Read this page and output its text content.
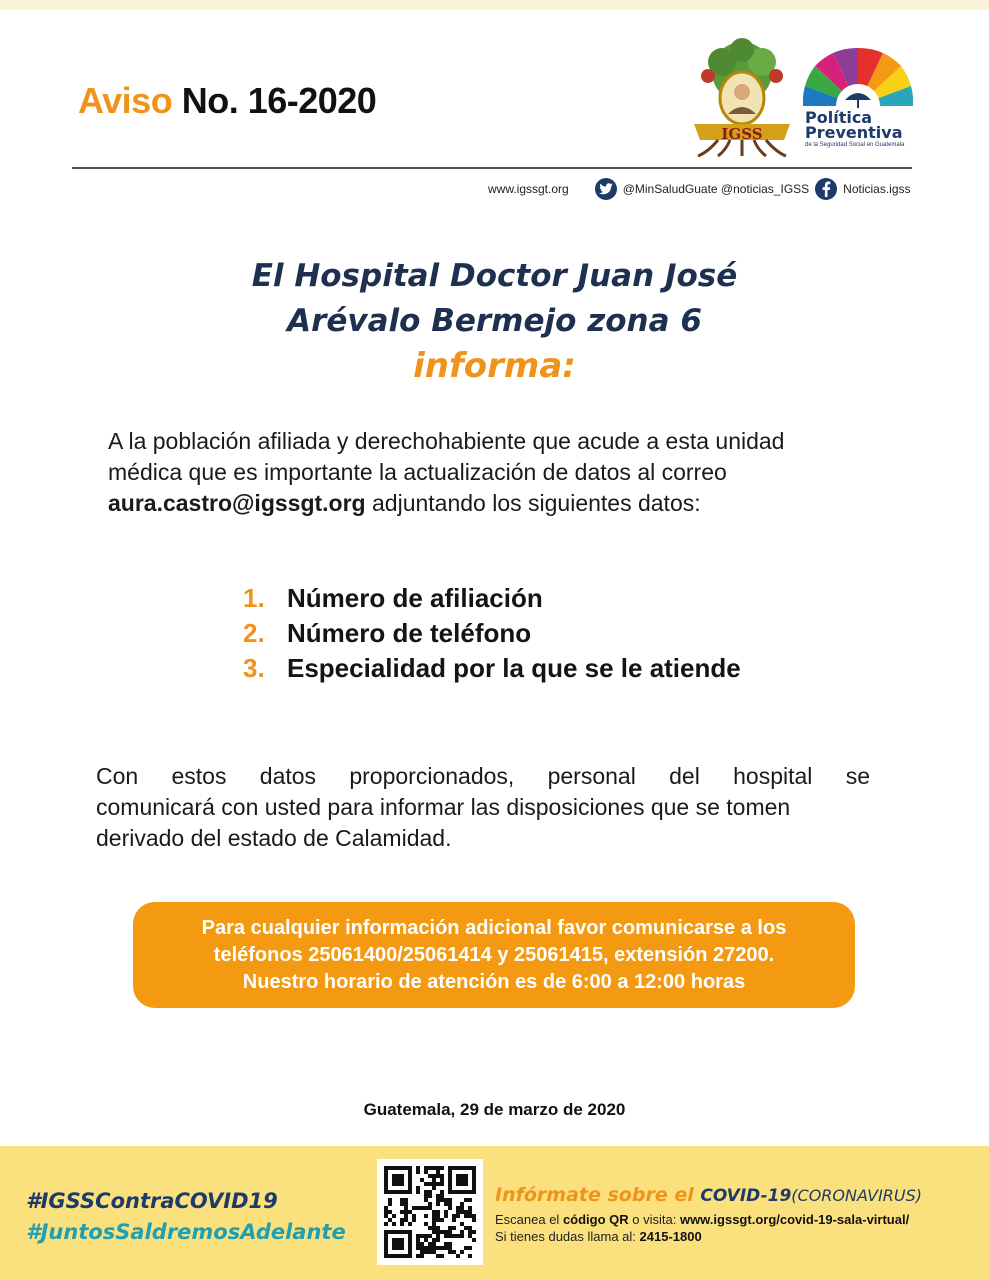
Aviso No. 16-2020
IGSS
Política
Preventiva
de la Seguridad Social en Guatemala
www.igssgt.org	@MinSaludGuate @noticias_IGSS	Noticias.igss
El Hospital Doctor Juan José
Arévalo Bermejo zona 6
informa:
A la población afiliada y derechohabiente que acude a esta unidad
médica que es importante la actualización de datos al correo
aura.castro@igssgt.org adjuntando los siguientes datos:
1. Número de afiliación
2. Número de teléfono
3. Especialidad por la que se le atiende
Con estos datos proporcionados, personal del hospital se
comunicará con usted para informar las disposiciones que se tomen
derivado del estado de Calamidad.
Para cualquier información adicional favor comunicarse a los
teléfonos 25061400/25061414 y 25061415, extensión 27200.
Nuestro horario de atención es de 6:00 a 12:00 horas
Guatemala, 29 de marzo de 2020
#IGSSContraCOVID19
#JuntosSaldremosAdelante
Infórmate sobre el COVID-19(CORONAVIRUS)
Escanea el código QR o visita: www.igssgt.org/covid-19-sala-virtual/
Si tienes dudas llama al: 2415-1800
